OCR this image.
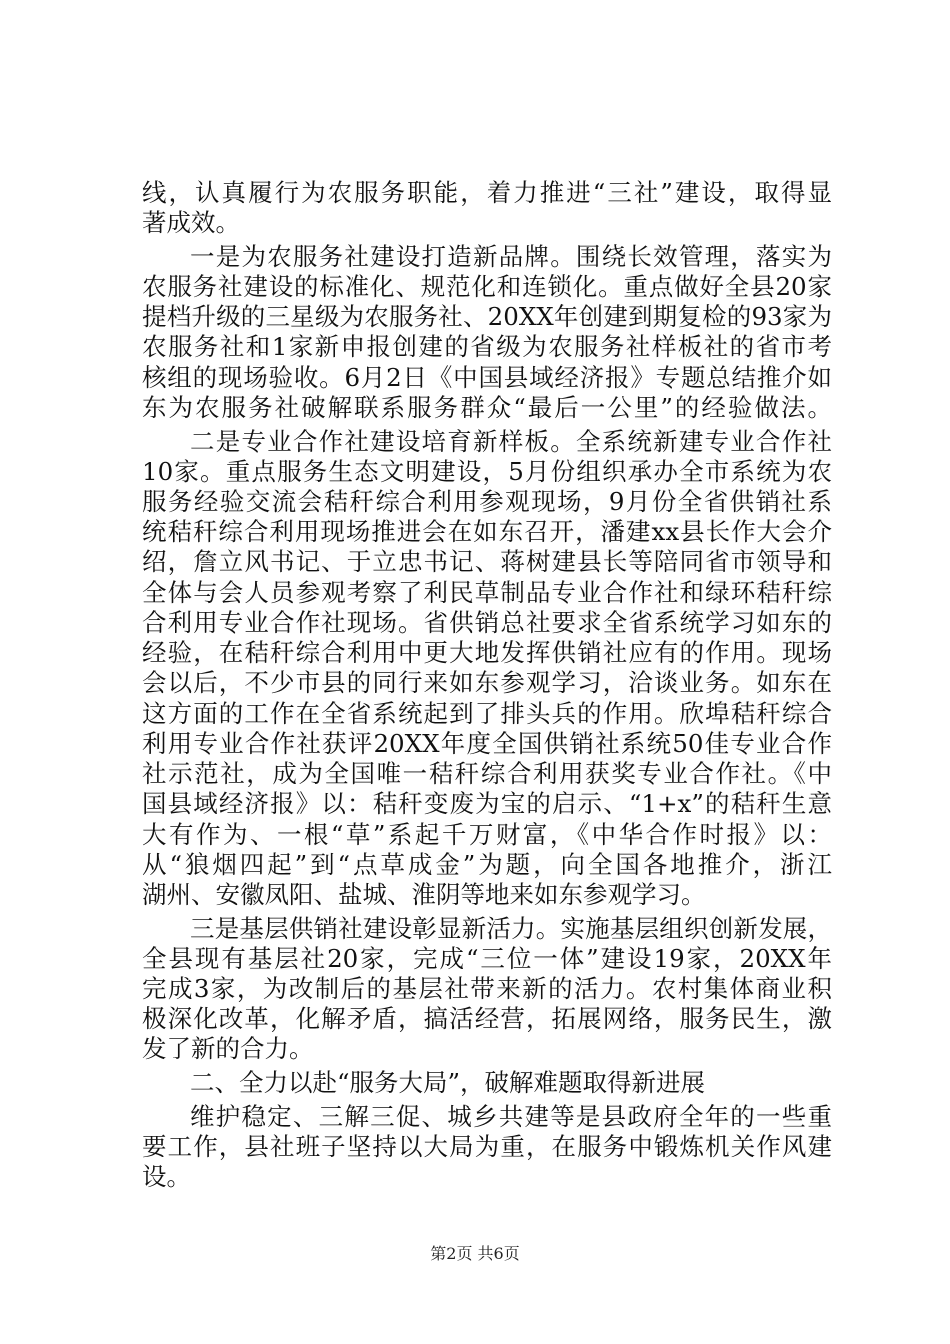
线，认真履行为农服务职能，着力推进“三社”建设，取得显
著成效。
一是为农服务社建设打造新品牌。围绕长效管理，落实为
农服务社建设的标准化、规范化和连锁化。重点做好全县20家
提档升级的三星级为农服务社、20XX年创建到期复检的93家为
农服务社和1家新申报创建的省级为农服务社样板社的省市考
核组的现场验收。6月2日《中国县域经济报》专题总结推介如
东为农服务社破解联系服务群众“最后一公里”的经验做法。
二是专业合作社建设培育新样板。全系统新建专业合作社
10家。重点服务生态文明建设，5月份组织承办全市系统为农
服务经验交流会秸秆综合利用参观现场，9月份全省供销社系
统秸秆综合利用现场推进会在如东召开，潘建xx县长作大会介
绍，詹立风书记、于立忠书记、蒋树建县长等陪同省市领导和
全体与会人员参观考察了利民草制品专业合作社和绿环秸秆综
合利用专业合作社现场。省供销总社要求全省系统学习如东的
经验，在秸秆综合利用中更大地发挥供销社应有的作用。现场
会以后，不少市县的同行来如东参观学习，洽谈业务。如东在
这方面的工作在全省系统起到了排头兵的作用。欣埠秸秆综合
利用专业合作社获评20XX年度全国供销社系统50佳专业合作
社示范社，成为全国唯一秸秆综合利用获奖专业合作社。《中
国县域经济报》以：秸秆变废为宝的启示、“1+x”的秸秆生意
大有作为、一根“草”系起千万财富，《中华合作时报》以：
从“狼烟四起”到“点草成金”为题，向全国各地推介，浙江
湖州、安徽凤阳、盐城、淮阴等地来如东参观学习。
三是基层供销社建设彰显新活力。实施基层组织创新发展，
全县现有基层社20家，完成“三位一体”建设19家，20XX年
完成3家，为改制后的基层社带来新的活力。农村集体商业积
极深化改革，化解矛盾，搞活经营，拓展网络，服务民生，激
发了新的合力。
二、全力以赴“服务大局”，破解难题取得新进展
维护稳定、三解三促、城乡共建等是县政府全年的一些重
要工作，县社班子坚持以大局为重，在服务中锻炼机关作风建
设。
第2页 共6页
